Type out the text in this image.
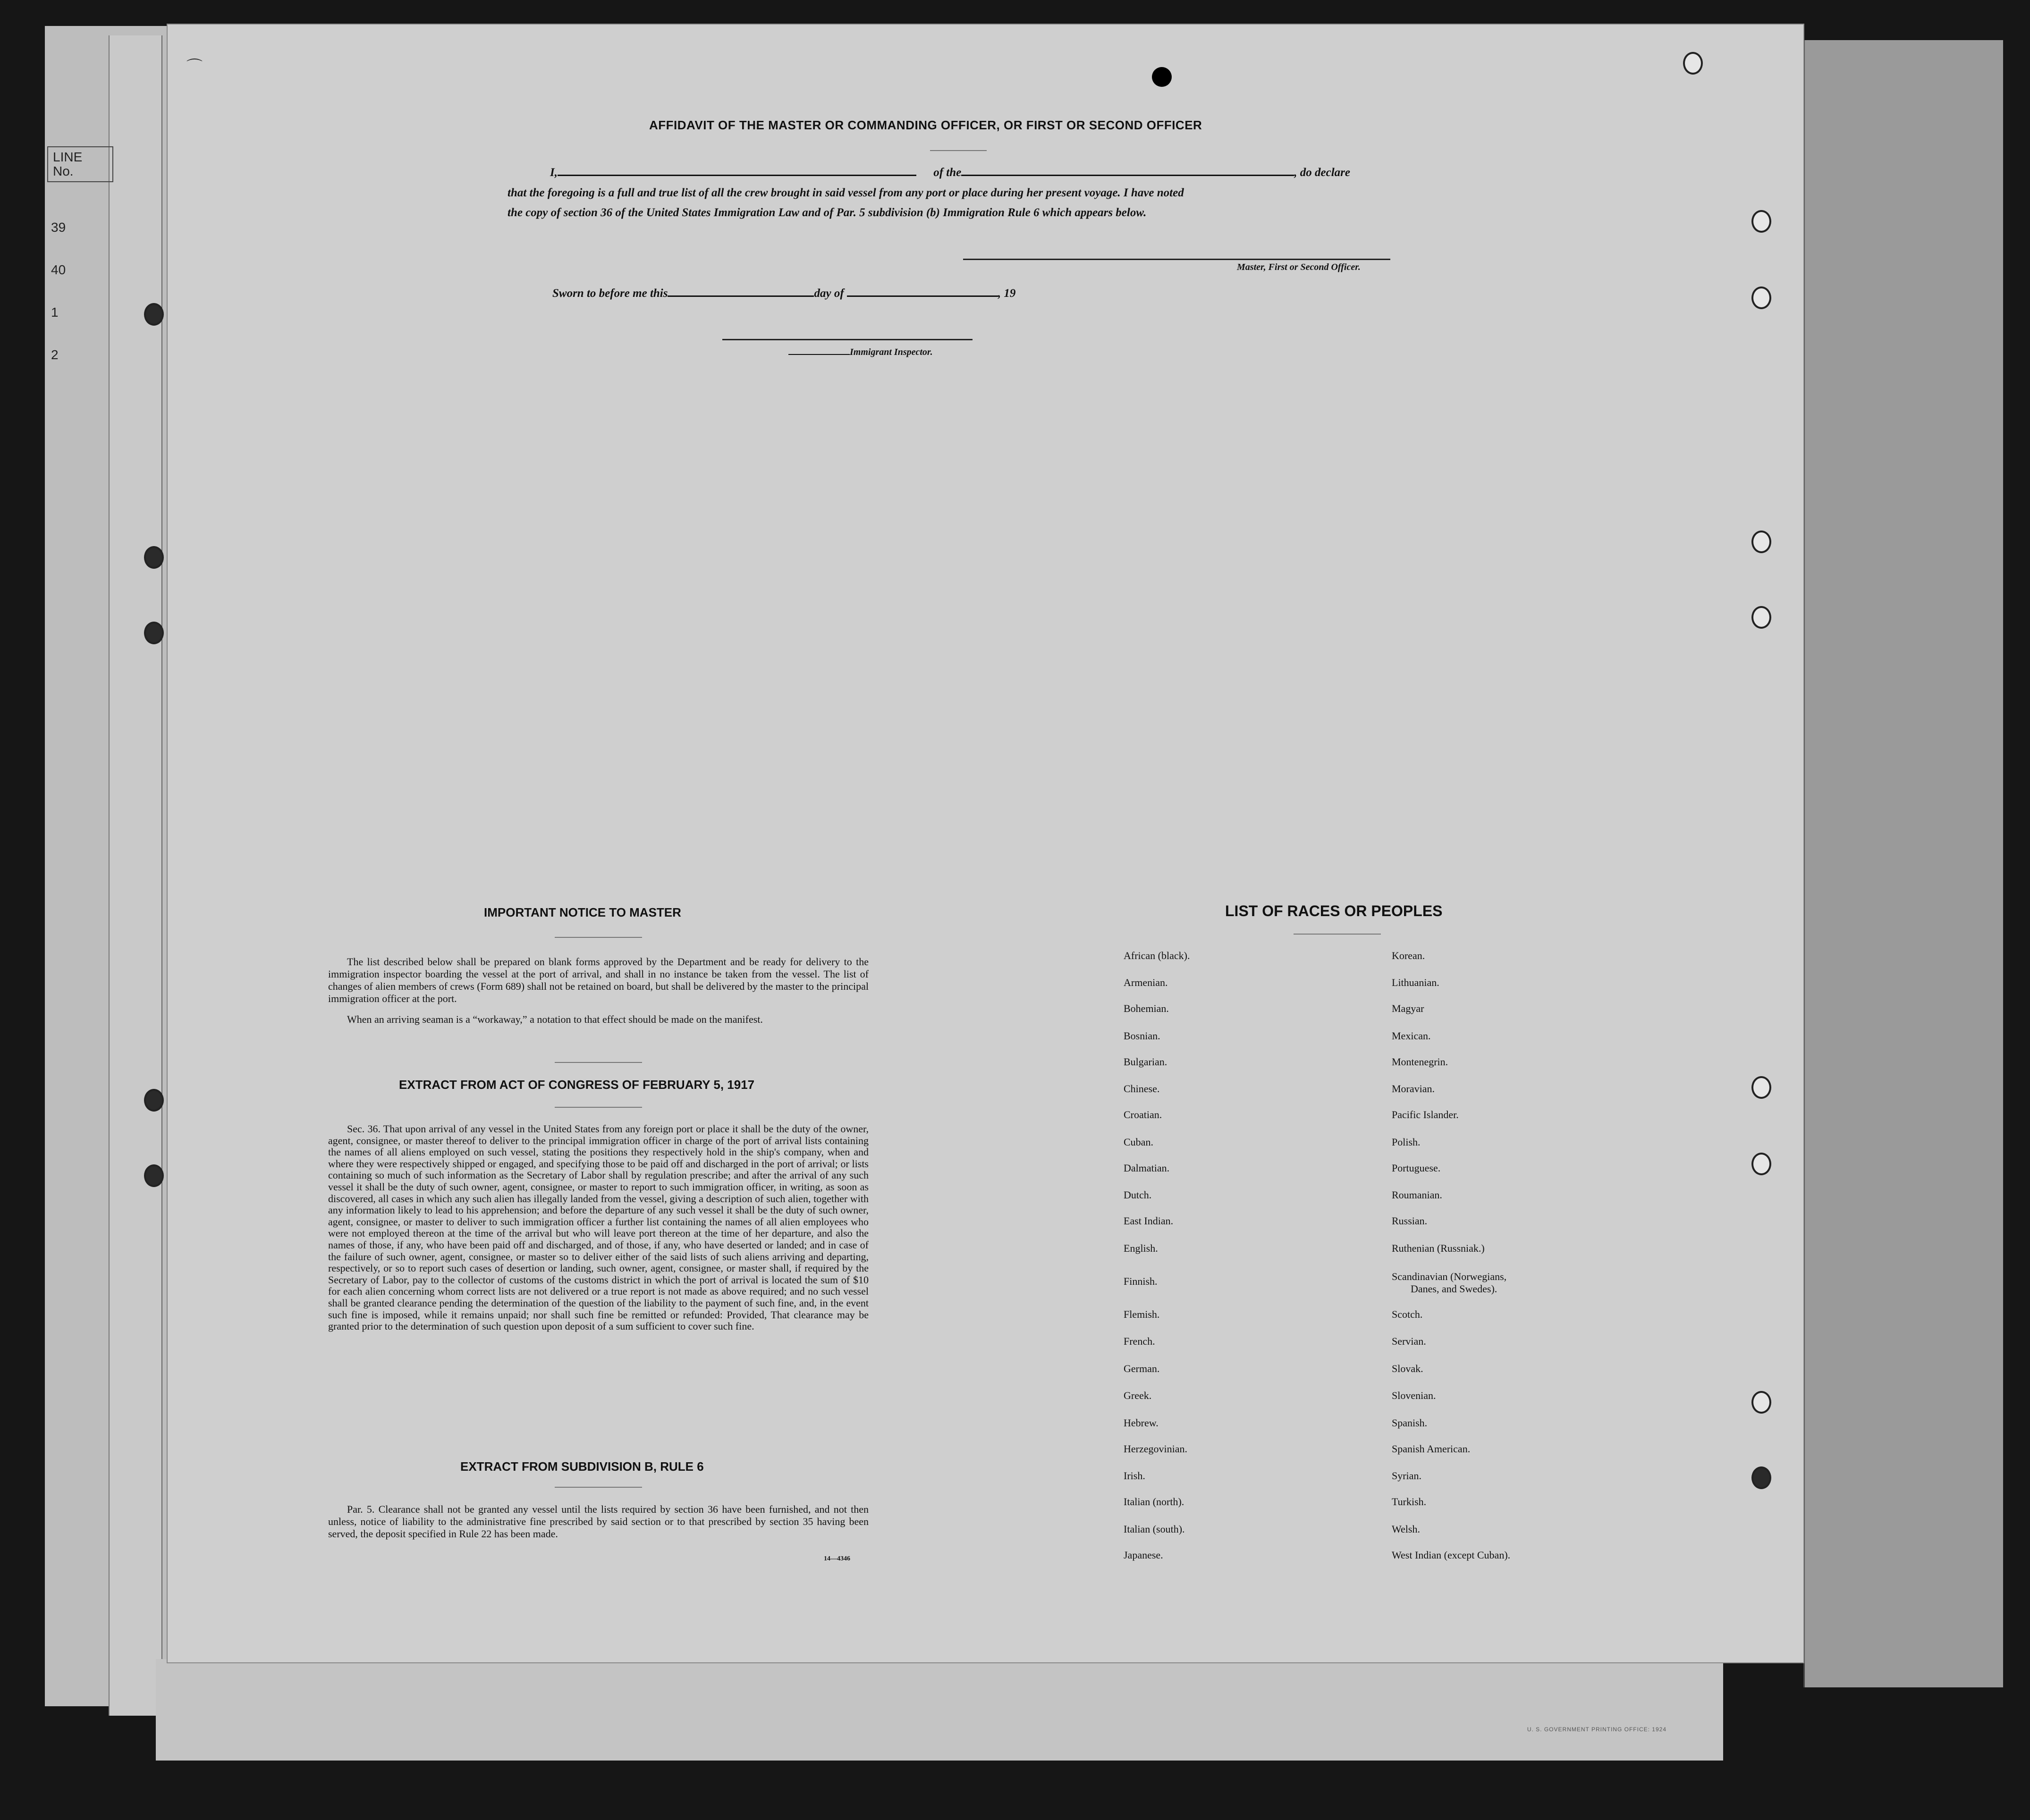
U. S. GOVERNMENT PRINTING OFFICE: 1924
LINE
No.
39
40
1
2
⌒
AFFIDAVIT OF THE MASTER OR COMMANDING OFFICER, OR FIRST OR SECOND OFFICER
I,	of the	, do declare
that the foregoing is a full and true list of all the crew brought in said vessel from any port or place during her present voyage. I have noted
the copy of section 36 of the United States Immigration Law and of Par. 5 subdivision (b) Immigration Rule 6 which appears below.
Master, First or Second Officer.
Sworn to before me this	day of	, 19
Immigrant Inspector.
IMPORTANT NOTICE TO MASTER

The list described below shall be prepared on blank forms approved by the Department and be ready for delivery to the immigration inspector boarding the vessel at the port of arrival, and shall in no instance be taken from the vessel. The list of changes of alien members of crews (Form 689) shall not be retained on board, but shall be delivered by the master to the principal immigration officer at the port.

When an arriving seaman is a “workaway,” a notation to that effect should be made on the manifest.

EXTRACT FROM ACT OF CONGRESS OF FEBRUARY 5, 1917

Sec. 36. That upon arrival of any vessel in the United States from any foreign port or place it shall be the duty of the owner, agent, consignee, or master thereof to deliver to the principal immigration officer in charge of the port of arrival lists containing the names of all aliens employed on such vessel, stating the positions they respectively hold in the ship's company, when and where they were respectively shipped or engaged, and specifying those to be paid off and discharged in the port of arrival; or lists containing so much of such information as the Secretary of Labor shall by regulation prescribe; and after the arrival of any such vessel it shall be the duty of such owner, agent, consignee, or master to report to such immigration officer, in writing, as soon as discovered, all cases in which any such alien has illegally landed from the vessel, giving a description of such alien, together with any information likely to lead to his apprehension; and before the departure of any such vessel it shall be the duty of such owner, agent, consignee, or master to deliver to such immigration officer a further list containing the names of all alien employees who were not employed thereon at the time of the arrival but who will leave port thereon at the time of her departure, and also the names of those, if any, who have been paid off and discharged, and of those, if any, who have deserted or landed; and in case of the failure of such owner, agent, consignee, or master so to deliver either of the said lists of such aliens arriving and departing, respectively, or so to report such cases of desertion or landing, such owner, agent, consignee, or master shall, if required by the Secretary of Labor, pay to the collector of customs of the customs district in which the port of arrival is located the sum of $10 for each alien concerning whom correct lists are not delivered or a true report is not made as above required; and no such vessel shall be granted clearance pending the determination of the question of the liability to the payment of such fine, and, in the event such fine is imposed, while it remains unpaid; nor shall such fine be remitted or refunded: Provided, That clearance may be granted prior to the determination of such question upon deposit of a sum sufficient to cover such fine.

EXTRACT FROM SUBDIVISION B, RULE 6

Par. 5. Clearance shall not be granted any vessel until the lists required by section 36 have been furnished, and not then unless, notice of liability to the administrative fine prescribed by said section or to that prescribed by section 35 having been served, the deposit specified in Rule 22 has been made.

14—4346
LIST OF RACES OR PEOPLES
African (black).
Armenian.
Bohemian.
Bosnian.
Bulgarian.
Chinese.
Croatian.
Cuban.
Dalmatian.
Dutch.
East Indian.
English.
Finnish.
Flemish.
French.
German.
Greek.
Hebrew.
Herzegovinian.
Irish.
Italian (north).
Italian (south).
Japanese.
Korean.
Lithuanian.
Magyar
Mexican.
Montenegrin.
Moravian.
Pacific Islander.
Polish.
Portuguese.
Roumanian.
Russian.
Ruthenian (Russniak.)
Scandinavian (Norwegians,
Danes, and Swedes).
Scotch.
Servian.
Slovak.
Slovenian.
Spanish.
Spanish American.
Syrian.
Turkish.
Welsh.
West Indian (except Cuban).
